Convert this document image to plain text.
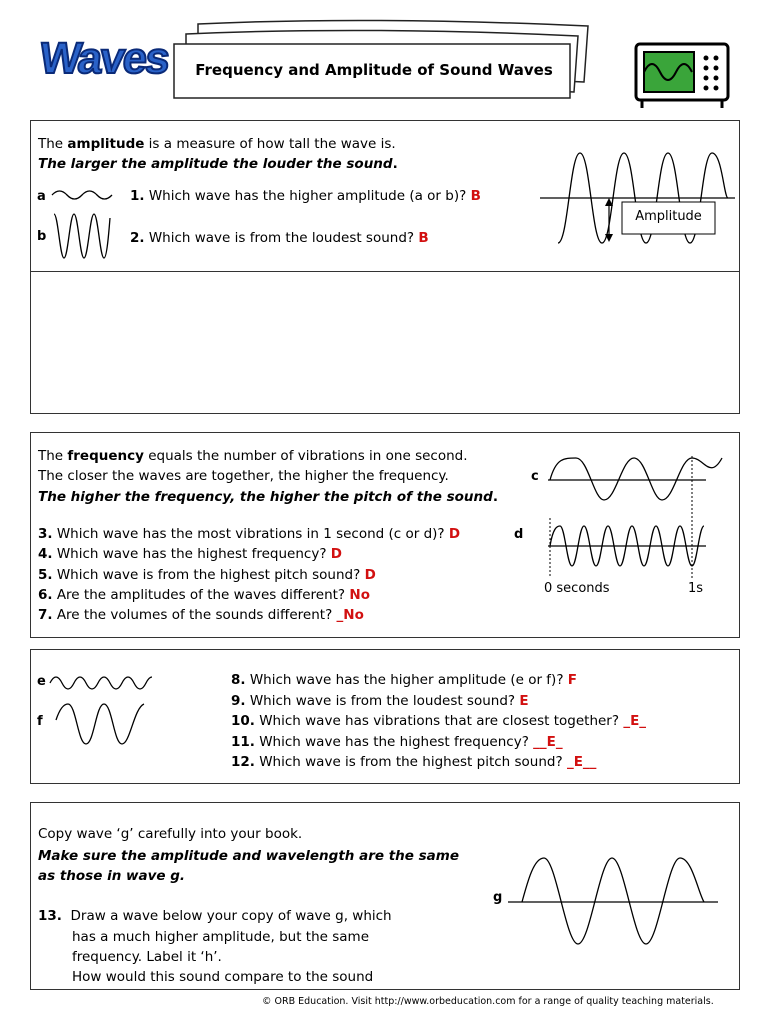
Waves	Frequency and Amplitude of Sound Waves
The amplitude is a measure of how tall the wave is.
The larger the amplitude the louder the sound.
a
b
1. Which wave has the higher amplitude (a or b)? B
2. Which wave is from the loudest sound? B
Amplitude
The frequency equals the number of vibrations in one second.
The closer the waves are together, the higher the frequency.
The higher the frequency, the higher the pitch of the sound.
3. Which wave has the most vibrations in 1 second (c or d)? D
4. Which wave has the highest frequency? D
5. Which wave is from the highest pitch sound? D
6. Are the amplitudes of the waves different? No
7. Are the volumes of the sounds different? _No
c
d
0 seconds	1s
e
f
8. Which wave has the higher amplitude (e or f)? F
9. Which wave is from the loudest sound? E
10. Which wave has vibrations that are closest together? _E_
11. Which wave has the highest frequency? __E_
12. Which wave is from the highest pitch sound? _E__
Copy wave ‘g’ carefully into your book.
Make sure the amplitude and wavelength are the same
as those in wave g.
g
13. Draw a wave below your copy of wave g, which
has a much higher amplitude, but the same
frequency. Label it ‘h’.
How would this sound compare to the sound
© ORB Education. Visit http://www.orbeducation.com for a range of quality teaching materials.
